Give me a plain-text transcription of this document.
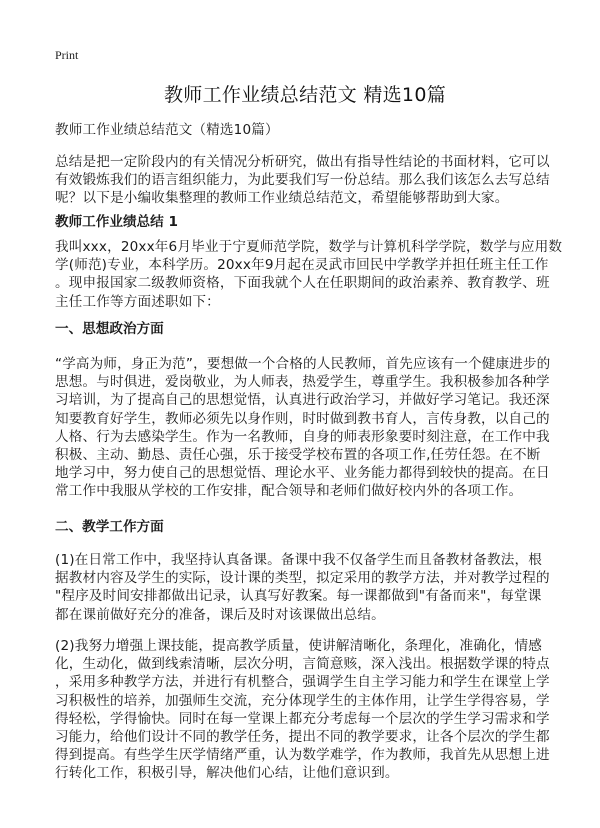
Print
教师工作业绩总结范文 精选10篇
教师工作业绩总结范文（精选10篇）
总结是把一定阶段内的有关情况分析研究，做出有指导性结论的书面材料，它可以
有效锻炼我们的语言组织能力，为此要我们写一份总结。那么我们该怎么去写总结
呢？以下是小编收集整理的教师工作业绩总结范文，希望能够帮助到大家。
教师工作业绩总结 1
我叫xxx，20xx年6月毕业于宁夏师范学院，数学与计算机科学学院，数学与应用数
学(师范)专业，本科学历。20xx年9月起在灵武市回民中学教学并担任班主任工作
。现申报国家二级教师资格，下面我就个人在任职期间的政治素养、教育教学、班
主任工作等方面述职如下：
一、思想政治方面
“学高为师，身正为范”，要想做一个合格的人民教师，首先应该有一个健康进步的
思想。与时俱进，爱岗敬业，为人师表，热爱学生，尊重学生。我积极参加各种学
习培训，为了提高自己的思想觉悟，认真进行政治学习，并做好学习笔记。我还深
知要教育好学生，教师必须先以身作则，时时做到教书育人，言传身教，以自己的
人格、行为去感染学生。作为一名教师，自身的师表形象要时刻注意，在工作中我
积极、主动、勤恳、责任心强，乐于接受学校布置的各项工作,任劳任怨。在不断
地学习中，努力使自己的思想觉悟、理论水平、业务能力都得到较快的提高。在日
常工作中我服从学校的工作安排，配合领导和老师们做好校内外的各项工作。
二、教学工作方面
(1)在日常工作中，我坚持认真备课。备课中我不仅备学生而且备教材备教法，根
据教材内容及学生的实际，设计课的类型，拟定采用的教学方法，并对教学过程的
"程序及时间安排都做出记录，认真写好教案。每一课都做到"有备而来"，每堂课
都在课前做好充分的准备，课后及时对该课做出总结。
(2)我努力增强上课技能，提高教学质量，使讲解清晰化，条理化，准确化，情感
化，生动化，做到线索清晰，层次分明，言简意赅，深入浅出。根据数学课的特点
，采用多种教学方法，并进行有机整合，强调学生自主学习能力和学生在课堂上学
习积极性的培养，加强师生交流，充分体现学生的主体作用，让学生学得容易，学
得轻松，学得愉快。同时在每一堂课上都充分考虑每一个层次的学生学习需求和学
习能力，给他们设计不同的教学任务，提出不同的教学要求，让各个层次的学生都
得到提高。有些学生厌学情绪严重，认为数学难学，作为教师，我首先从思想上进
行转化工作，积极引导，解决他们心结，让他们意识到。
